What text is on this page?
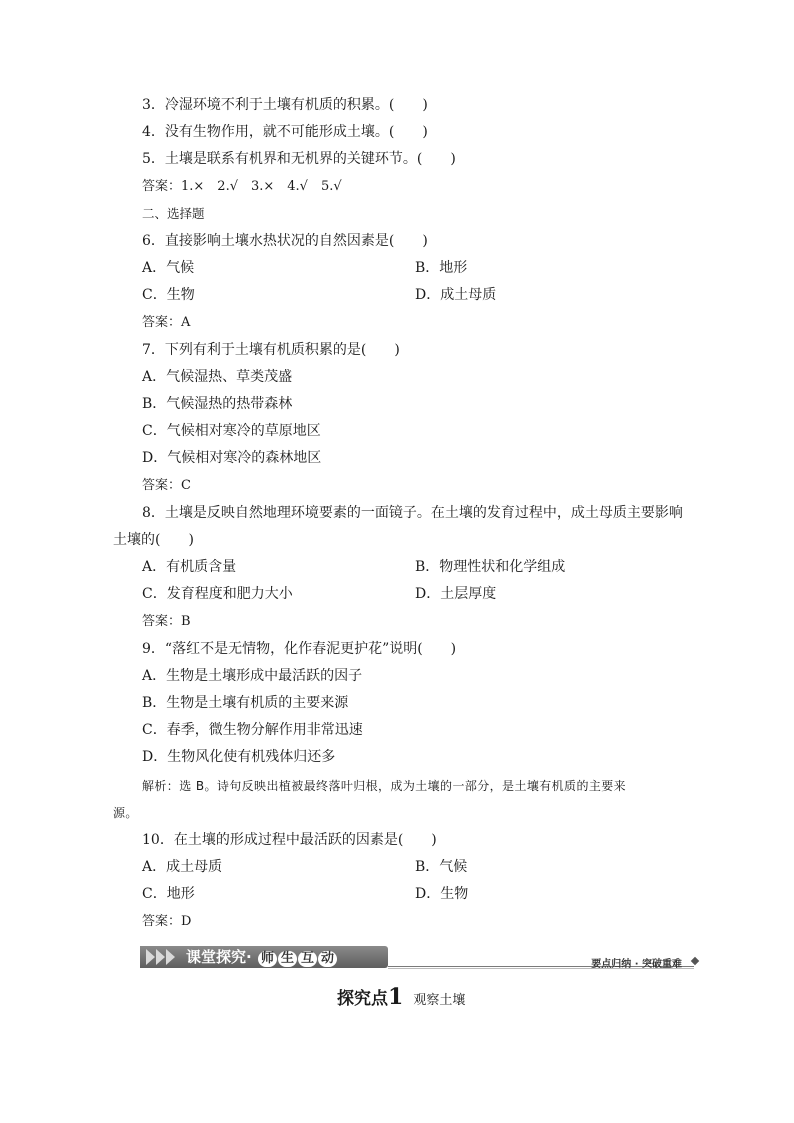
3．冷湿环境不利于土壤有机质的积累。(　　)
4．没有生物作用，就不可能形成土壤。(　　)
5．土壤是联系有机界和无机界的关键环节。(　　)
答案：1.×　2.√　3.×　4.√　5.√
二、选择题
6．直接影响土壤水热状况的自然因素是(　　)
A．气候	B．地形
C．生物	D．成土母质
答案：A
7．下列有利于土壤有机质积累的是(　　)
A．气候湿热、草类茂盛
B．气候湿热的热带森林
C．气候相对寒冷的草原地区
D．气候相对寒冷的森林地区
答案：C
8．土壤是反映自然地理环境要素的一面镜子。在土壤的发育过程中，成土母质主要影响
土壤的(　　)
A．有机质含量	B．物理性状和化学组成
C．发育程度和肥力大小	D．土层厚度
答案：B
9．“落红不是无情物，化作春泥更护花”说明(　　)
A．生物是土壤形成中最活跃的因子
B．生物是土壤有机质的主要来源
C．春季，微生物分解作用非常迅速
D．生物风化使有机残体归还多
解析：选 B。诗句反映出植被最终落叶归根，成为土壤的一部分，是土壤有机质的主要来
源。
10．在土壤的形成过程中最活跃的因素是(　　)
A．成土母质	B．气候
C．地形	D．生物
答案：D
课堂探究· 师 生 互 动	要点归纳 · 突破重难
探究点1 观察土壤
